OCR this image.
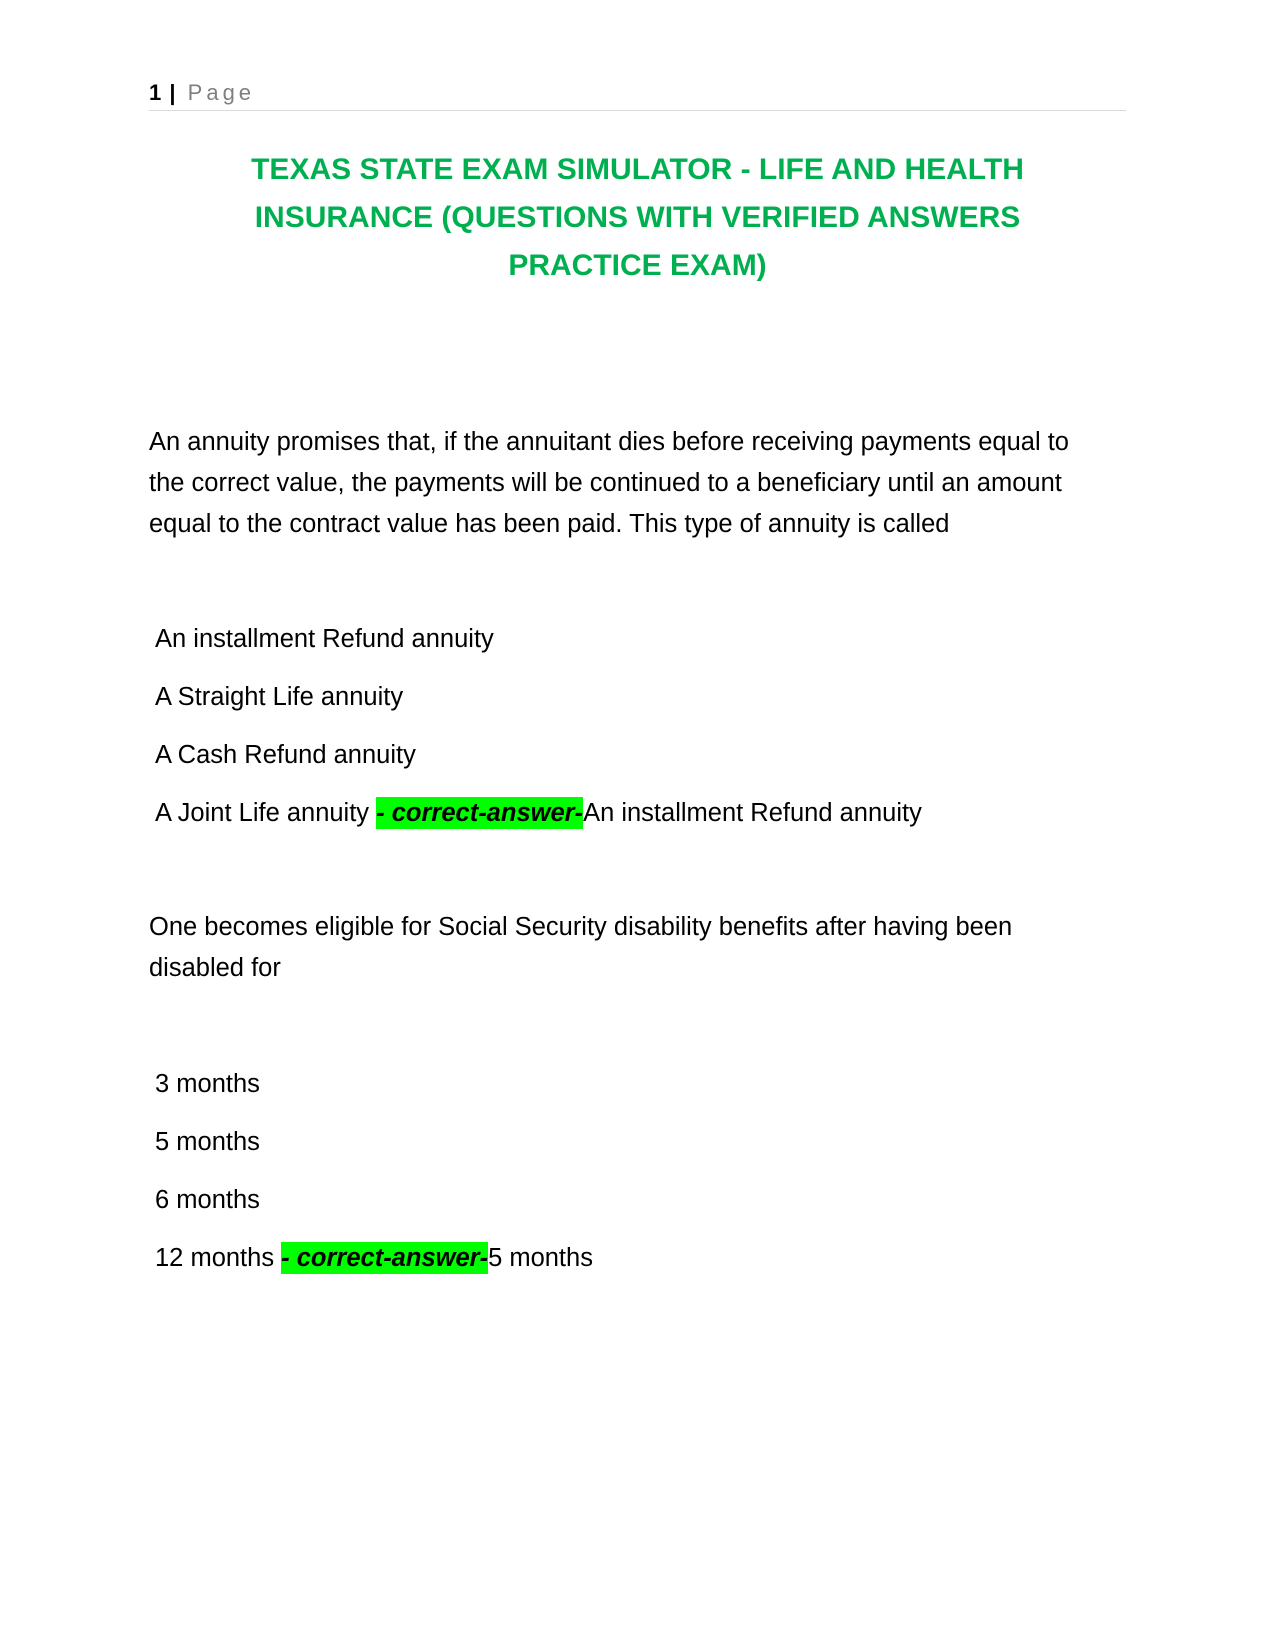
1 | Page
TEXAS STATE EXAM SIMULATOR - LIFE AND HEALTH
INSURANCE (QUESTIONS WITH VERIFIED ANSWERS
PRACTICE EXAM)

An annuity promises that, if the annuitant dies before receiving payments equal to
the correct value, the payments will be continued to a beneficiary until an amount
equal to the contract value has been paid. This type of annuity is called

An installment Refund annuity
A Straight Life annuity
A Cash Refund annuity
A Joint Life annuity - correct-answer-An installment Refund annuity

One becomes eligible for Social Security disability benefits after having been
disabled for

3 months
5 months
6 months
12 months - correct-answer-5 months
